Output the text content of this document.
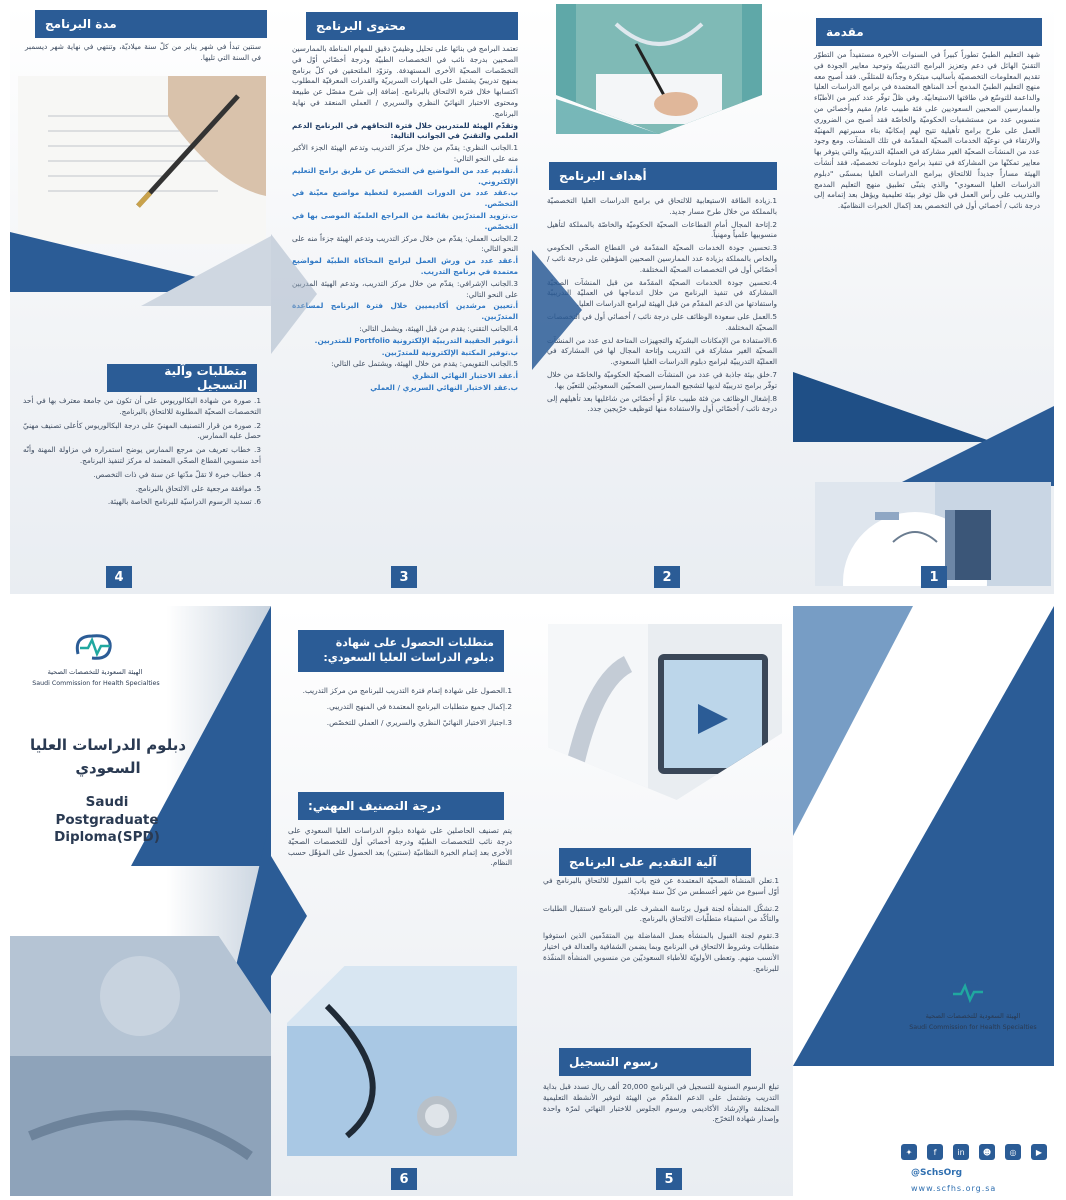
مقدمة
شهد التعليم الطبيّ تطوراً كبيراً في السنوات الأخيرة مستفيداً من التطوّر التقنيّ الهائل في دعم وتعزيز البرامج التدريبيّة وتوحيد معايير الجودة في تقديم المعلومات التخصصيّة بأساليب مبتكرة وجذّابة للمتلقّي. فقد أصبح معه منهج التعليم الطبيّ المدمج أحد المناهج المعتمدة في برامج الدراسات العليا والداعمة للتوسّع في طاقتها الاستيعابيّة. وفي ظلّ توفّر عدد كبير من الأطبّاء والممارسين الصحيين السعوديين على فئة طبيب عام/ مقيم وأخصائي من منسوبي عدد من مستشفيات الحكوميّة والخاصّة فقد أصبح من الضروري العمل على طرح برامج تأهيلية تتيح لهم إمكانيّة بناء مسيرتهم المهنيّة والارتقاء في نوعيّة الخدمات الصحيّة المقدّمة في تلك المنشآت. ومع وجود عدد من المنشآت الصحيّة الغير مشاركة في العمليّة التدريبيّة والتي يتوفر بها معايير تمكنّها من المشاركة في تنفيذ برامج دبلومات تخصصيّة، فقد أنشأت الهيئة مساراً جديداً للالتحاق ببرامج الدراسات العليا بمسمّى "دبلوم الدراسات العليا السعودي" والذي يتبنّى تطبيق منهج التعليم المدمج والتدريب على رأس العمل في ظل توفر بيئة تعليمية ويؤهل بعد إتمامه إلى درجة نائب / أخصائي أول في التخصص بعد إكمال الخبرات النظاميّة.
1
أهداف البرنامج

1.زيادة الطاقة الاستيعابية للالتحاق في برامج الدراسات العليا التخصصيّة بالمملكة من خلال طرح مسار جديد.

2.إتاحة المجال أمام القطاعات الصحيّة الحكوميّة والخاصّة بالمملكة لتأهيل منسوبيها علمياً ومهنياً.

3.تحسين جودة الخدمات الصحيّة المقدّمة في القطاع الصحّي الحكومي والخاص بالمملكة بزيادة عدد الممارسين الصحيين المؤهلين على درجة نائب / أخصّائي أول في التخصصات الصحيّة المختلفة.

4.تحسين جودة الخدمات الصحيّة المقدّمة من قبل المنشآت الصحيّة المشاركة في تنفيذ البرنامج من خلال اندماجها في العمليّة التدريبيّة واستفادتها من الدعم المقدّم من قبل الهيئة لبرامج الدراسات العليا.

5.العمل على سعودة الوظائف على درجة نائب / أخصائي أول في التخصصات الصحيّة المختلفة.

6.الاستفادة من الإمكانات البشريّة والتجهيزات المتاحة لدى عدد من المنشآت الصحيّة الغير مشاركة في التدريب وإتاحة المجال لها في المشاركة في العمليّة التدريبيّة لبرامج دبلوم الدراسات العليا السعودي.

7.خلق بيئة جاذبة في عدد من المنشآت الصحيّة الحكوميّة والخاصّة من خلال توفّر برامج تدريبيّة لديها لتشجيع الممارسين الصحيّين السعوديّين للتعيّن بها.

8.إشغال الوظائف من فئة طبيب عامّ أو أخصّائي من شاغليها بعد تأهيلهم إلى درجة نائب / أخصّائي أول والاستفادة منها لتوظيف خرّيجين جدد.

2
محتوى البرنامج

تعتمد البرامج في بنائها على تحليل وظيفيّ دقيق للمهام المناطة بالممارسين الصحيين بدرجة نائب في التخصصات الطبيّة ودرجة أخصّائي أوّل في التخصّصات الصحيّة الأخرى المستهدفة. وتزوّد الملتحقين في كلّ برنامج بمنهج تدريبيّ يشتمل على المهارات السريريّة والقدرات المعرفيّة المطلوب اكتسابها خلال فترة الالتحاق بالبرنامج. إضافة إلى شرح مفصّل عن طبيعة ومحتوى الاختبار النهائيّ النظري والسريري / العملي المنعقد في نهاية البرنامج.

وتقدّم الهيئة للمتدربين خلال فترة التحاقهم في البرنامج الدعم العلمي والتقنيّ في الجوانب التالية:

1.الجانب النظري: يقدّم من خلال مركز التدريب وتدعم الهيئة الجزء الأكبر منه على النحو التالي:

أ.تقديم عدد من المواضيع في التخصّص عن طريق برامج التعليم الإلكتروني.

ب.عقد عدد من الدورات القصيرة لتغطية مواضيع معيّنة في التخصّص.

ت.تزويد المتدرّبين بقائمة من المراجع العلميّة الموصى بها في التخصّص.

2.الجانب العملي: يقدّم من خلال مركز التدريب وتدعم الهيئة جزءاً منه على النحو التالي:

أ.عقد عدد من ورش العمل لبرامج المحاكاة الطبيّة لمواضيع معتمدة في برنامج التدريب.

3.الجانب الإشرافي: يقدّم من خلال مركز التدريب، وتدعم الهيئة المدربين على النحو التالي:

أ.تعيين مرشدين أكاديميين خلال فترة البرنامج لمساعدة المتدرّبين.

4.الجانب التقني: يقدم من قبل الهيئة، ويشمل التالي:

أ.توفير الحقيبة التدريبيّة الإلكترونية Portfolio للمتدربين.

ب.توفير المكتبة الإلكترونية للمتدرّبين.

5.الجانب التقويمي: يقدم من خلال الهيئة، ويشتمل على التالي:

أ.عقد الاختبار النهائي النظري

ب.عقد الاختبار النهائي السريري / العملي

3
مدة البرنامج
سنتين تبدأ في شهر يناير من كلّ سنة ميلاديّة، وتنتهي في نهاية شهر ديسمبر في السنة التي تليها.
متطلبات وآلية التسجيل

1. صورة من شهادة البكالوريوس على أن تكون من جامعة معترف بها في أحد التخصصات الصحيّة المطلوبة للالتحاق بالبرنامج.

2. صورة من قرار التصنيف المهنيّ على درجة البكالوريوس كأعلى تصنيف مهنيّ حصل عليه الممارس.

3. خطاب تعريف من مرجع الممارس يوضح استمراره في مزاولة المهنة وأنّه أحد منسوبي القطاع الصحّي المعتمد له مركز لتنفيذ البرنامج.

4. خطاب خبرة لا تقلّ مدّتها عن سنة في ذات التخصص.

5. موافقة مرجعية على الالتحاق بالبرنامج.

6. تسديد الرسوم الدراسيّة للبرنامج الخاصة بالهيئة.

4
الهيئة السعودية للتخصصات الصحية
Saudi Commission for Health Specialties
▶
◎
☻
in
f
✦
@SchsOrg
www.scfhs.org.sa
آلية التقديم على البرنامج

1.تعلن المنشأة الصحيّة المعتمدة عن فتح باب القبول للالتحاق بالبرنامج في أوّل أسبوع من شهر أغسطس من كلّ سنة ميلاديّة.

2.تشكّل المنشأة لجنة قبول برئاسة المشرف على البرنامج لاستقبال الطلبات والتأكّد من استيفاء متطلّبات الالتحاق بالبرنامج.

3.تقوم لجنة القبول بالمنشأة بعمل المفاضلة بين المتقدّمين الذين استوفوا متطلبات وشروط الالتحاق في البرنامج وبما يضمن الشفافية والعدالة في اختيار الأنسب منهم. وتعطى الأولويّة للأطباء السعوديّين من منسوبي المنشأة المنفّذة للبرنامج.

رسوم التسجيل
تبلغ الرسوم السنوية للتسجيل في البرنامج 20,000 ألف ريال تسدد قبل بداية التدريب وتشتمل على الدعم المقدّم من الهيئة لتوفير الأنشطة التعليمية المختلفة والإرشاد الأكاديمي ورسوم الجلوس للاختبار النهائي لمرّة واحدة وإصدار شهادة التخرّج.
5
متطلبات الحصول على شهادة دبلوم الدراسات العليا السعودي:

1.الحصول على شهادة إتمام فترة التدريب للبرنامج من مركز التدريب.

2.إكمال جميع متطلبات البرنامج المعتمدة في المنهج التدريبي.

3.اجتياز الاختبار النهائيّ النظري والسريري / العملي للتخصّص.

درجة التصنيف المهني:
يتم تصنيف الحاصلين على شهادة دبلوم الدراسات العليا السعودي على درجة نائب للتخصصات الطبيّة ودرجة أخصائي أول للتخصصات الصحيّة الأخرى بعد إتمام الخبرة النظاميّة (سنتين) بعد الحصول على المؤهّل حسب النظام.
6
الهيئة السعودية للتخصصات الصحية
Saudi Commission for Health Specialties
دبلوم الدراسات العليا
السعودي
Saudi
Postgraduate
Diploma(SPD)
